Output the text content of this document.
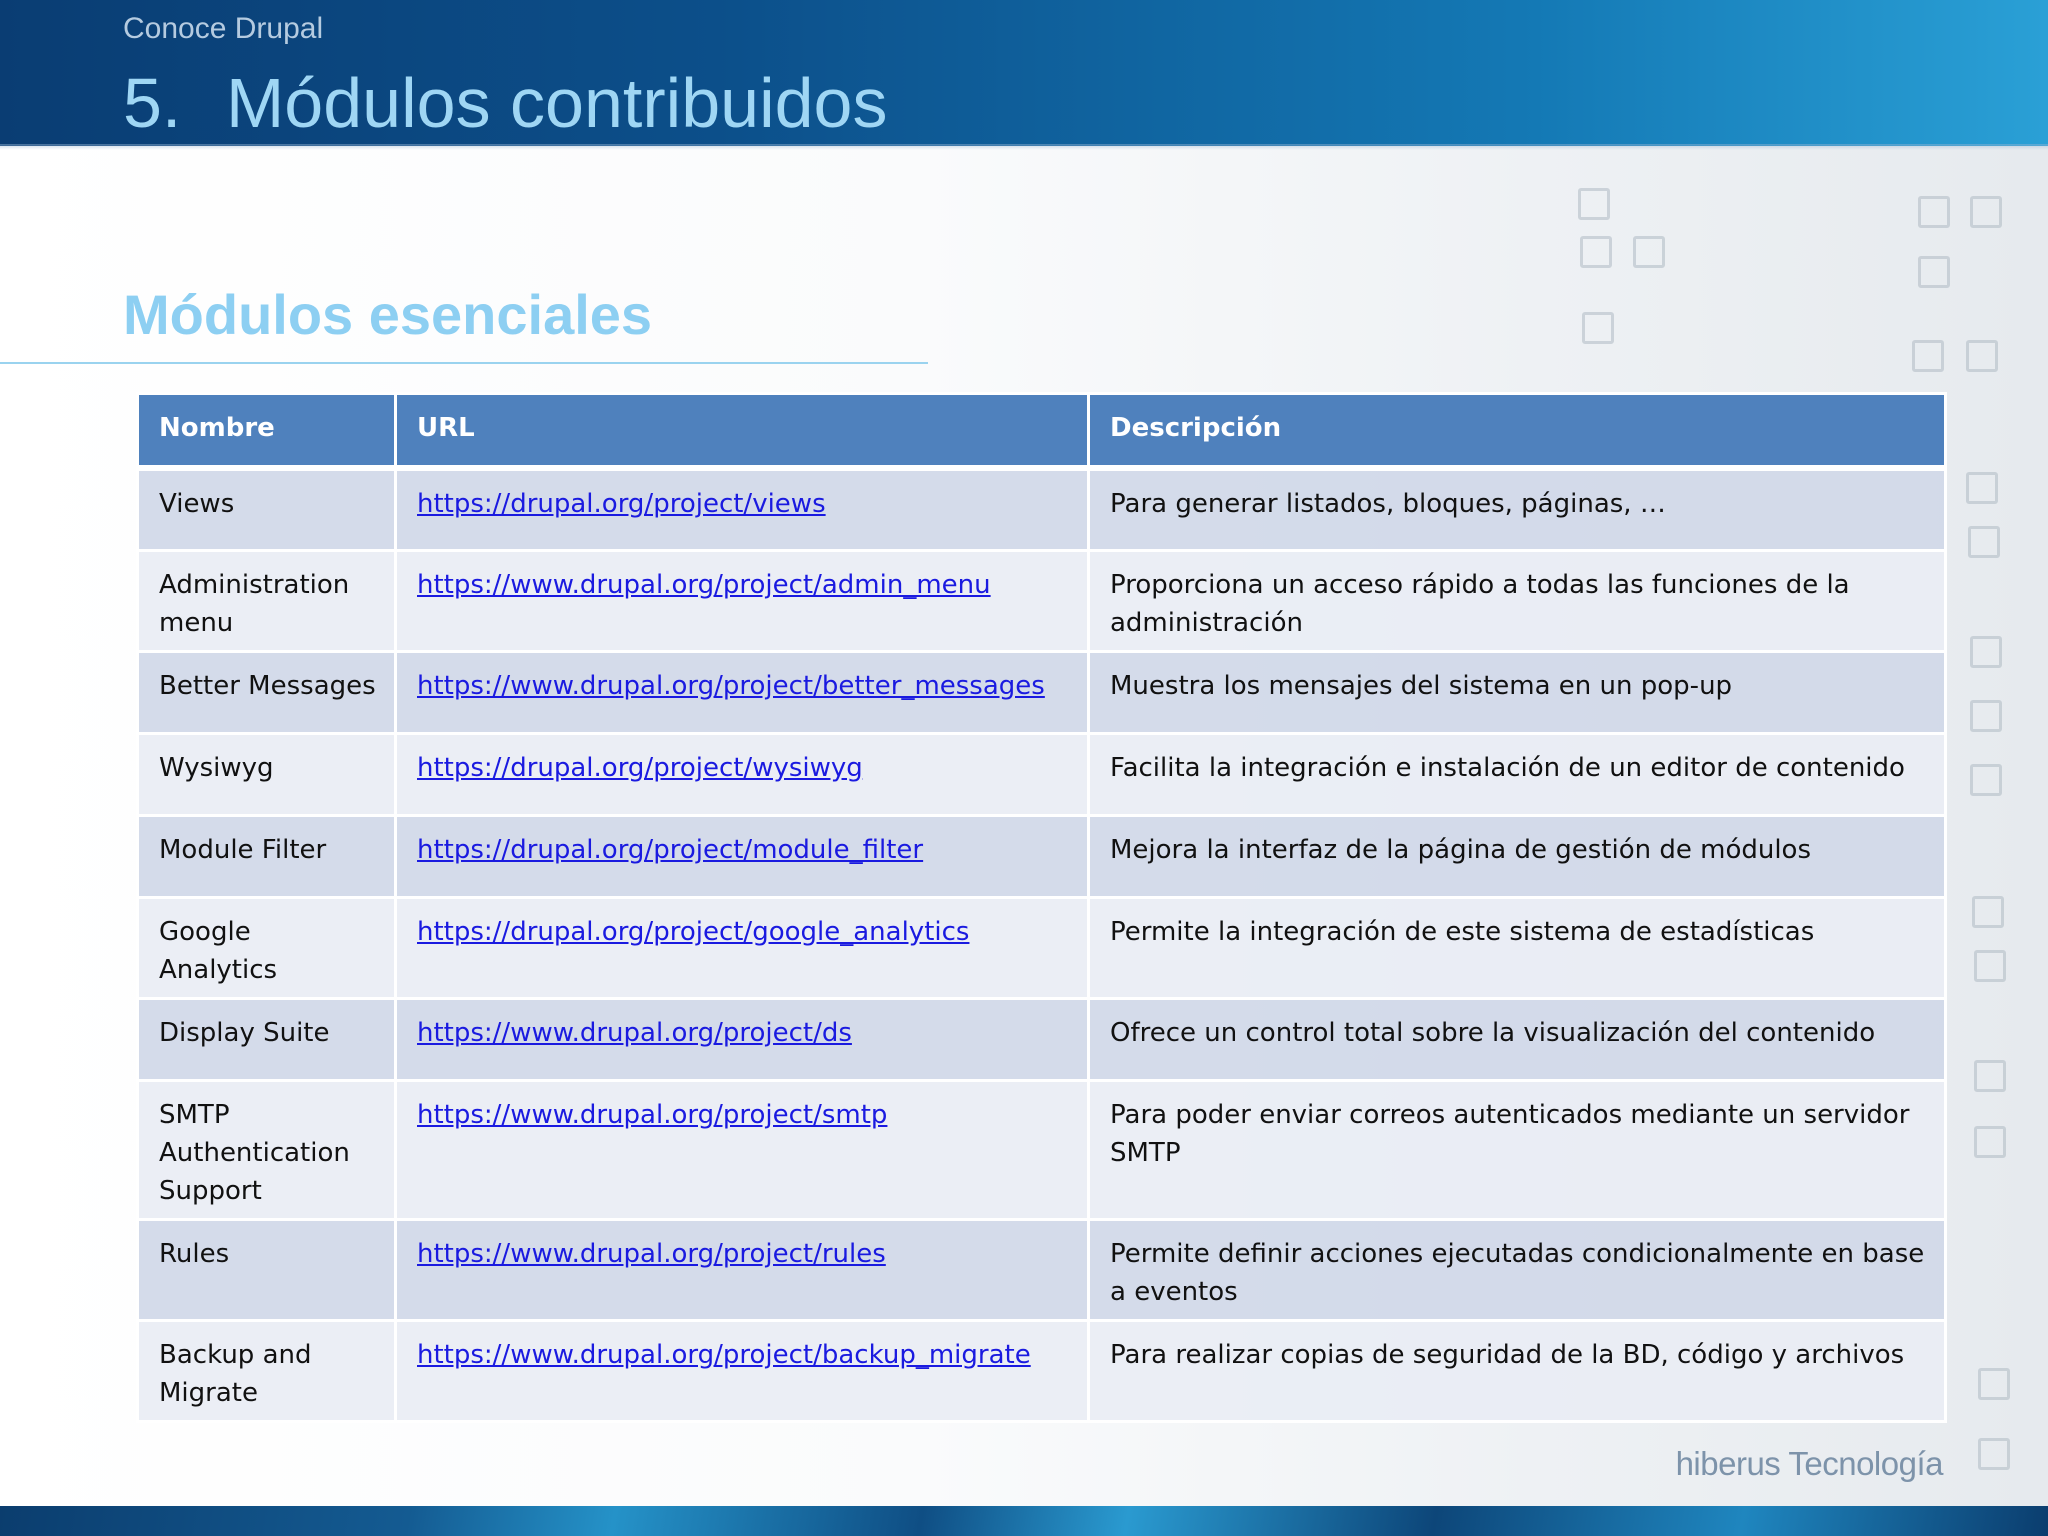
Conoce Drupal
5. Módulos contribuidos
Módulos esenciales
Nombre	URL	Descripción
Views	https://drupal.org/project/views	Para generar listados, bloques, páginas, …
Administration menu	https://www.drupal.org/project/admin_menu	Proporciona un acceso rápido a todas las funciones de la administración
Better Messages	https://www.drupal.org/project/better_messages	Muestra los mensajes del sistema en un pop-up
Wysiwyg	https://drupal.org/project/wysiwyg	Facilita la integración e instalación de un editor de contenido
Module Filter	https://drupal.org/project/module_filter	Mejora la interfaz de la página de gestión de módulos
Google Analytics	https://drupal.org/project/google_analytics	Permite la integración de este sistema de estadísticas
Display Suite	https://www.drupal.org/project/ds	Ofrece un control total sobre la visualización del contenido
SMTP Authentication Support	https://www.drupal.org/project/smtp	Para poder enviar correos autenticados mediante un servidor SMTP
Rules	https://www.drupal.org/project/rules	Permite definir acciones ejecutadas condicionalmente en base a eventos
Backup and Migrate	https://www.drupal.org/project/backup_migrate	Para realizar copias de seguridad de la BD, código y archivos
hiberus Tecnología
